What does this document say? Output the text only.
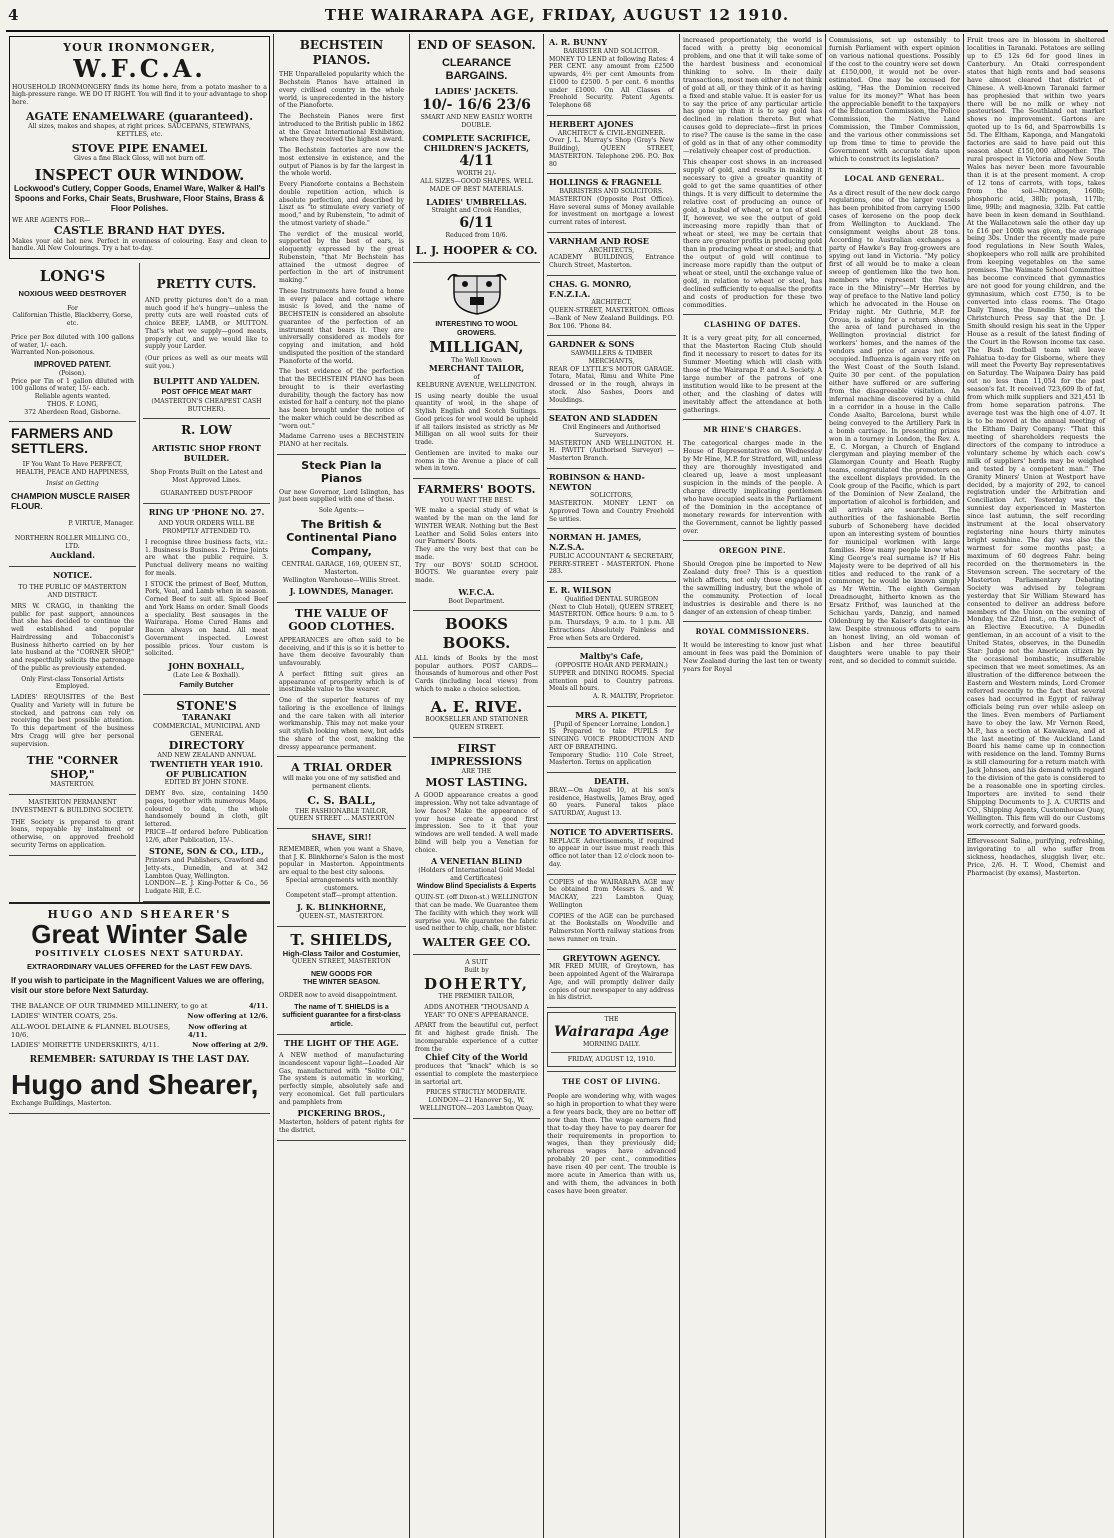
4	THE WAIRARAPA AGE, FRIDAY, AUGUST 12 1910.
YOUR IRONMONGER,
W.F.C.A.
HOUSEHOLD IRONMONGERY finds its home here, from a potato masher to a high-pressure range. WE DO IT RIGHT. You will find it to your advantage to shop here.
AGATE ENAMELWARE (guaranteed).
All sizes, makes and shapes, at right prices. SAUCEPANS, STEWPANS, KETTLES, etc.
STOVE PIPE ENAMEL
Gives a fine Black Gloss, will not burn off.
INSPECT OUR WINDOW.
Lockwood's Cutlery, Copper Goods, Enamel Ware, Walker & Hall's Spoons and Forks, Chair Seats, Brushware, Floor Stains, Brass & Floor Polishes.
WE ARE AGENTS FOR—
CASTLE BRAND HAT DYES.
Makes your old hat new. Perfect in evenness of colouring. Easy and clean to handle. All New Colourings. Try a hat to-day.
LONG'S
NOXIOUS WEED DESTROYER
For
Californian Thistle, Blackberry, Gorse, etc.
Price per Box diluted with 100 gallons of water, 1/- each.
Warranted Non-poisonous.
IMPROVED PATENT.
(Poison).
Price per Tin of 1 gallon diluted with 100 gallons of water, 15/- each.
Reliable agents wanted.
THOS. F. LONG,
372 Aberdeen Road, Gisborne.
FARMERS AND SETTLERS.
IF You Want To Have PERFECT, HEALTH, PEACE AND HAPPINESS,
Insist on Getting
CHAMPION MUSCLE RAISER FLOUR.
P. VIRTUE, Manager.
NORTHERN ROLLER MILLING CO., LTD.
Auckland.
NOTICE.
TO THE PUBLIC OF MASTERTON AND DISTRICT.
MRS W. CRAGG, in thanking the public for past support, announces that she has decided to continue the well established and popular Hairdressing and Tobacconist's Business hitherto carried on by her late husband at the "CORNER SHOP," and respectfully solicits the patronage of the public as previously extended.
Only First-class Tonsorial Artists Employed.
LADIES' REQUISITES of the Best Quality and Variety will in future be stocked, and patrons can rely on receiving the best possible attention. To this department of the business Mrs Cragg will give her personal supervision.
THE "CORNER SHOP,"
MASTERTON.
MASTERTON PERMANENT INVESTMENT & BUILDING SOCIETY.
THE Society is prepared to grant loans, repayable by instalment or otherwise, on approved freehold security Terms on application.
PRETTY CUTS.
AND pretty pictures don't do a man much good if he's hungry—unless the pretty cuts are well roasted cuts of choice BEEF, LAMB, or MUTTON. That's what we supply—good meats, properly cut, and we would like to supply your Larder.
(Our prices as well as our meats will suit you.)
BULPITT AND YALDEN.
POST OFFICE MEAT MART
(MASTERTON'S CHEAPEST CASH BUTCHER).
R. LOW
ARTISTIC SHOP FRONT BUILDER.
Shop Fronts Built on the Latest and Most Approved Lines.
GUARANTEED DUST-PROOF
RING UP 'PHONE NO. 27.
AND YOUR ORDERS WILL BE PROMPTLY ATTENDED TO.
I recognise three business facts, viz.: 1. Business is Business. 2. Prime Joints are what the public require. 3. Punctual delivery means no waiting for meals.
I STOCK the primest of Beef, Mutton, Pork, Veal, and Lamb when in season. Corned Beef to suit all. Spiced Beef and York Hams on order. Small Goods a speciality. Best sausages in the Wairarapa. Home Cured Hams and Bacon always on hand. All meat Government inspected. Lowest possible prices. Your custom is solicited.
JOHN BOXHALL,
(Late Lee & Boxhall).
Family Butcher
STONE'S
TARANAKI
COMMERCIAL, MUNICIPAL AND GENERAL
DIRECTORY
AND NEW ZEALAND ANNUAL
TWENTIETH YEAR 1910. OF PUBLICATION
EDITED BY JOHN STONE.
DEMY 8vo. size, containing 1450 pages, together with numerous Maps, coloured to date, the whole handsomely bound in cloth, gilt lettered.
PRICE—If ordered before Publication 12/6, after Publication, 15/-.
STONE, SON & CO., LTD.,
Printers and Publishers, Crawford and Jetty-sts., Dunedin, and at 342 Lambton Quay, Wellington.
LONDON—E. J. King-Potter & Co., 56 Ludgate Hill, E.C.
HUGO AND SHEARER'S
Great Winter Sale
POSITIVELY CLOSES NEXT SATURDAY.
EXTRAORDINARY VALUES OFFERED for the LAST FEW DAYS.
If you wish to participate in the Magnificent Values we are offering, visit our store before Next Saturday.
THE BALANCE OF OUR TRIMMED MILLINERY, to go at	4/11.
LADIES' WINTER COATS, 25s.	Now offering at 12/6.
ALL-WOOL DELAINE & FLANNEL BLOUSES, 10/6.
Now offering at 4/11.
LADIES' MOIRETTE UNDERSKIRTS, 4/11.	Now offering at 2/9.
REMEMBER: SATURDAY IS THE LAST DAY.
Hugo and Shearer,
Exchange Buildings, Masterton.
BECHSTEIN PIANOS.
THE Unparalleled popularity which the Bechstein Pianos have attained in every civilised country in the whole world, is unprecedented in the history of the Pianoforte.
The Bechstein Pianos were first introduced to the British public in 1862 at the Great International Exhibition, where they received the highest award.
The Bechstein factories are now the most extensive in existence, and the output of Pianos is by far the largest in the whole world.
Every Pianoforte contains a Bechstein double repetition action, which is absolute perfection, and described by Liszt as "to stimulate every variety of mood," and by Rubenstein, "to admit of the utmost variety of shade."
The verdict of the musical world, supported by the best of ears, is eloquently expressed by the great Rubenstein, "that Mr Bechstein has attained the utmost degree of perfection in the art of instrument making."
These Instruments have found a home in every palace and cottage where music is loved, and the name of BECHSTEIN is considered an absolute guarantee of the perfection of an instrument that bears it. They are universally considered as models for copying and imitation, and hold undisputed the position of the standard Pianoforte of the world.
The best evidence of the perfection that the BECHSTEIN PIANO has been brought to is their everlasting durability, though the factory has now existed for half a century, not the piano has been brought under the notice of the maker which could be described as "worn out."
Madame Carreno uses a BECHSTEIN PIANO at her recitals.
Steck Pian la Pianos
Our new Governor, Lord Islington, has just been supplied with one of these.
Sole Agents:—
The British & Continental Piano Company,
CENTRAL GARAGE, 169, QUEEN ST., Masterton.
Wellington Warehouse—Willis Street.
J. LOWNDES, Manager.
THE VALUE OF GOOD CLOTHES.
APPEARANCES are often said to be deceiving, and if this is so it is better to have them deceive favourably than unfavourably.
A perfect fitting suit gives an appearance of prosperity which is of inestimable value to the wearer.
One of the superior features of my tailoring is the excellence of linings and the care taken with all interior workmanship. This may not make your suit stylish looking when new, but adds the share of the cost, making the dressy appearance permanent.
A TRIAL ORDER
will make you one of my satisfied and permanent clients.
C. S. BALL,
THE FASHIONABLE TAILOR,
QUEEN STREET ... MASTERTON
SHAVE, SIR!!
REMEMBER, when you want a Shave, that J. K. Blinkhorne's Salon is the most popular in Masterton. Appointments are equal to the best city saloons.
Special arrangements with monthly customers.
Competent staff—prompt attention.
J. K. BLINKHORNE,
QUEEN-ST., MASTERTON.
T. SHIELDS,
High-Class Tailor and Costumier,
QUEEN STREET, MASTERTON
NEW GOODS FOR
THE WINTER SEASON.
ORDER now to avoid disappointment.
The name of T. SHIELDS is a sufficient guarantee for a first-class article.
THE LIGHT OF THE AGE.
A NEW method of manufacturing incandescent vapour light—Loaded Air Gas, manufactured with "Solite Oil." The system is automatic in working, perfectly simple, absolutely safe and very economical. Get full particulars and pamphlets from
PICKERING BROS.,
Masterton, holders of patent rights for the district.
END OF SEASON.
CLEARANCE BARGAINS.
LADIES' JACKETS.
10/- 16/6 23/6
SMART AND NEW EASILY WORTH DOUBLE.
COMPLETE SACRIFICE, CHILDREN'S JACKETS,
4/11
WORTH 21/-
ALL SIZES—GOOD SHAPES. WELL MADE OF BEST MATERIALS.
LADIES' UMBRELLAS.
Straight and Crook Handles,
6/11
Reduced from 10/6.
L. J. HOOPER & CO.
INTERESTING TO WOOL GROWERS.
MILLIGAN,
The Well Known
MERCHANT TAILOR,
of
KELBURNE AVENUE, WELLINGTON.
IS using nearly double the usual quantity of wool, in the shape of Stylish English and Scotch Suitings. Good prices for wool would be upheld if all tailors insisted as strictly as Mr Milligan on all wool suits for their trade.
Gentlemen are invited to make our rooms in the Avenue a place of call when in town.
FARMERS' BOOTS.
YOU WANT THE BEST.
WE make a special study of what is wanted by the man on the land for WINTER WEAR. Nothing but the Best Leather and Solid Soles enters into our Farmers' Boots.
They are the very best that can be made.
Try our BOYS' SOLID SCHOOL BOOTS. We guarantee every pair made.
W.F.C.A.
Boot Department.
BOOKS BOOKS.
ALL kinds of Books by the most popular authors. POST CARDS—thousands of humorous and other Post Cards (including local views) from which to make a choice selection.
A. E. RIVE.
BOOKSELLER AND STATIONER QUEEN STREET.
FIRST IMPRESSIONS
ARE THE
MOST LASTING.
A GOOD appearance creates a good impression. Why not take advantage of low faces? Make the appearance of your house create a good first impression. See to it that your windows are well tended. A well made blind will help you a Venetian for choice.
A VENETIAN BLIND
(Holders of International Gold Medal and Certificates)
Window Blind Specialists & Experts
QUIN-ST. (off Dixon-st.) WELLINGTON
that can be made. We Guarantee them The facility with which they work will surprise you. We guarantee the fabric used neither to chip, chalk, nor blister.
WALTER GEE CO.
A SUIT
Built by
DOHERTY,
THE PREMIER TAILOR,
ADDS ANOTHER "THOUSAND A YEAR" TO ONE'S APPEARANCE.
APART from the beautiful cut, perfect fit and highest grade finish. The incomparable experience of a cutter from the
Chief City of the World
produces that "knack" which is so essential to complete the masterpiece in sartorial art.
PRICES STRICTLY MODERATE.
LONDON—21 Hanover Sq., W. WELLINGTON—203 Lambton Quay.
A. R. BUNNY
BARRISTER AND SOLICITOR.
MONEY TO LEND at following Rates: 4 PER CENT. any amount from £2500 upwards, 4½ per cent Amounts from £1000 to £2500. 5 per cent. 6 months under £1000. On All Classes of Freehold Security. Patent Agents. Telephone 68
HERBERT AJONES
ARCHITECT & CIVIL-ENGINEER.
Over J. L. Murray's Shop (Gray's New Building), QUEEN STREET, MASTERTON. Telephone 296. P.O. Box 80
HOLLINGS & FRAGNELL
BARRISTERS AND SOLICITORS.
MASTERTON (Opposite Post Office). Have several sums of Money available for investment on mortgage a lowest current rates of interest.
VARNHAM AND ROSE
ARCHITECTS,
ACADEMY BUILDINGS, Entrance Church Street, Masterton.
CHAS. G. MONRO, F.N.Z.I.A.
ARCHITECT,
QUEEN-STREET, MASTERTON. Offices—Bank of New Zealand Buildings. P.O. Box 106. 'Phone 84.
GARDNER & SONS
SAWMILLERS & TIMBER MERCHANTS,
REAR OF LYTTLE'S MOTOR GARAGE. Totara, Matai, Rimu and White Pine dressed or in the rough, always in stock. Also Sashes, Doors and Mouldings.
SEATON AND SLADDEN
Civil Engineers and Authorised Surveyors.
MASTERTON AND WELLINGTON. H. H. PAVITT (Authorised Surveyor) —Masterton Branch.
ROBINSON & HAND-NEWTON
SOLICITORS,
MASTERTON. MONEY LENT on Approved Town and Country Freehold Se urities.
NORMAN H. JAMES, N.Z.S.A.
PUBLIC ACCOUNTANT & SECRETARY,
PERRY-STREET - MASTERTON. Phone 283.
E. R. WILSON
Qualified DENTAL SURGEON
(Next to Club Hotel), QUEEN STREET, MASTERTON. Office hours: 9 a.m. to 5 p.m. Thursdays, 9 a.m. to 1 p.m. All Extractions Absolutely Painless and Free when Sets are Ordered.
Maltby's Cafe,
(OPPOSITE HOAR AND PERMAIN.)
SUPPER and DINING ROOMS. Special attention paid to Country patrons. Meals all hours.
A. R. MALTBY, Proprietor.
MRS A. PIKETT,
[Pupil of Spencer Lorraine, London.]
IS Prepared to take PUPILS for SINGING VOICE PRODUCTION AND ART OF BREATHING.
Temporary Studio: 110 Cole Street, Masterton. Terms on application
DEATH.
BRAY.—On August 10, at his son's residence, Hastwells, James Bray, aged 60 years. Funeral takes place SATURDAY, August 13.
NOTICE TO ADVERTISERS.
REPLACE Advertisements, if required to appear in our issue must reach this office not later than 12 o'clock noon to-day.
COPIES of the WAIRARAPA AGE may be obtained from Messrs S. and W. MACKAY, 221 Lambton Quay, Wellington
COPIES of the AGE can be purchased at the Bookstalls on Woodville and Palmerston North railway stations from news runner on train.
GREYTOWN AGENCY.
MR FRED MUIR, of Greytown, has been appointed Agent of the Wairarapa Age, and will promptly deliver daily copies of our newspaper to any address in his district.
THE
Wairarapa Age
MORNING DAILY.
FRIDAY, AUGUST 12, 1910.
THE COST OF LIVING.
People are wondering why, with wages so high in proportion to what they were a few years back, they are no better off now than then. The wage earners find that to-day they have to pay dearer for their requirements in proportion to wages, than they previously did; whereas wages have advanced probably 20 per cent., commodities have risen 40 per cent. The trouble is more acute in America than with us, and with them, the advances in both cases have been greater.
increased proportionately, the world is faced with a pretty big economical problem, and one that it will take some of the hardest business and economical thinking to solve. In their daily transactions, most men either do not think of gold at all, or they think of it as having a fixed and stable value. It is easier for us to say the price of any particular article has gone up than it is to say gold has declined in relation thereto. But what causes gold to depreciate—first in prices to rise? The cause is the same in the case of gold as in that of any other commodity—relatively cheaper cost of production.
This cheaper cost shows in an increased supply of gold, and results in making it necessary to give a greater quantity of gold to get the same quantities of other things. It is very difficult to determine the relative cost of producing an ounce of gold, a bushel of wheat, or a ton of steel. If, however, we see the output of gold increasing more rapidly than that of wheat or steel, we may be certain that there are greater profits in producing gold than in producing wheat or steel; and that the output of gold will continue to increase more rapidly than the output of wheat or steel, until the exchange value of gold, in relation to wheat or steel, has declined sufficiently to equalise the profits and costs of production for these two commodities.
CLASHING OF DATES.
It is a very great pity, for all concerned, that the Masterton Racing Club should find it necessary to resort to dates for its Summer Meeting which will clash with those of the Wairarapa P. and A. Society. A large number of the patrons of one institution would like to be present at the other, and the clashing of dates will inevitably affect the attendance at both gatherings.
MR HINE'S CHARGES.
The categorical charges made in the House of Representatives on Wednesday by Mr Hine, M.P. for Stratford, will, unless they are thoroughly investigated and cleared up, leave a most unpleasant suspicion in the minds of the people. A charge directly implicating gentlemen who have occupied seats in the Parliament of the Dominion in the acceptance of monetary rewards for intervention with the Government, cannot be lightly passed over.
OREGON PINE.
Should Oregon pine be imported to New Zealand duty free? This is a question which affects, not only those engaged in the sawmilling industry, but the whole of the community. Protection of local industries is desirable and there is no danger of an extension of cheap timber.
ROYAL COMMISSIONERS.
It would be interesting to know just what amount in fees was paid the Dominion of New Zealand during the last ten or twenty years for Royal
Commissions, set up ostensibly to furnish Parliament with expert opinion on various national questions. Possibly if the cost to the country were set down at £150,000, it would not be over-estimated. One may be excused for asking, "Has the Dominion received value for its money?" What has been the appreciable benefit to the taxpayers of the Education Commission, the Police Commission, the Native Land Commission, the Timber Commission, and the various other commissions set up from time to time to provide the Government with accurate data upon which to construct its legislation?
LOCAL AND GENERAL.
As a direct result of the new dock cargo regulations, one of the larger vessels has been prohibited from carrying 1500 cases of kerosene on the poop deck from Wellington to Auckland. The consignment weighs about 28 tons. According to Australian exchanges a party of Hawke's Bay frog-growers are spying out land in Victoria. "My policy first of all would be to make a clean sweep of gentlemen like the two hon. members who represent the Native race in the Ministry"—Mr Herries by way of preface to the Native land policy which he advocated in the House on Friday night. Mr Guthrie, M.P. for Oroua, is asking for a return showing the area of land purchased in the Wellington provincial district for workers' homes, and the names of the vendors and price of areas not yet occupied. Influenza is again very rife on the West Coast of the South Island. Quite 30 per cent. of the population either have suffered or are suffering from the disagreeable visitation. An infernal machine discovered by a child in a corridor in a house in the Calle Conde Asalto, Barcelona, burst while being conveyed to the Artillery Park in a bomb carriage. In presenting prizes won in a tourney in London, the Rev. A. E. C. Morgan, a Church of England clergyman and playing member of the Glamorgan County and Heath Rugby teams, congratulated the promoters on the excellent displays provided. In the Cook group of the Pacific, which is part of the Dominion of New Zealand, the importation of alcohol is forbidden, and all arrivals are searched. The authorities of the fashionable Berlin suburb of Schoneberg have decided upon an interesting system of bounties for municipal workmen with large families. How many people know what King George's real surname is? If His Majesty were to be deprived of all his titles and reduced to the rank of a commoner, he would be known simply as Mr Wettin. The eighth German Dreadnought, hitherto known as the Ersatz Frithof, was launched at the Schichau yards, Danzig, and named Oldenburg by the Kaiser's daughter-in-law. Despite strenuous efforts to earn an honest living, an old woman of Lisbon and her three beautiful daughters were unable to pay their rent, and so decided to commit suicide.
Fruit trees are in blossom in sheltered localities in Taranaki. Potatoes are selling up to £5 12s 6d for good lines in Canterbury. An Otaki correspondent states that high rents and bad seasons have almost cleared that district of Chinese. A well-known Taranaki farmer has prophesied that within two years there will be no milk or whey not pasteurised. The Southland oat market shows no improvement. Gartons are quoted up to 1s 6d, and Sparrowbills 1s 5d. The Eltham, Kaponga, and Mangatoki factories are said to have paid out this season about £150,000 altogether. The rural prospect in Victoria and New South Wales has never been more favourable than it is at the present moment. A crop of 12 tons of carrots, with tops, takes from the soil—Nitrogen, 160lb; phosphoric acid, 38lb; potash, 117lb; lime, 99lb; and magnesia, 32lb. Fat cattle have been in keen demand in Southland. At the Wallacetown sale the other day up to £16 per 100lb was given, the average being 30s. Under the recently made pure food regulations in New South Wales, shopkeepers who roll milk are prohibited from keeping vegetables on the same premises. The Waimate School Committee has become convinced that gymnastics are not good for young children, and the gymnasium, which cost £750, is to be converted into class rooms. The Otago Daily Times, the Dunedin Star, and the Christchurch Press say that the Dr. J. Smith should resign his seat in the Upper House as a result of the latest finding of the Court in the Rowson income tax case. The Bush football team will leave Pahiatua to-day for Gisborne, where they will meet the Poverty Bay representatives on Saturday. The Waipawa Dairy has paid out no less than 11,054 for the past season's fat. It received 723,609 lb of fat, from which milk suppliers and 321,451 lb from home separation patrons. The average test was the high one of 4.07. It is to be moved at the annual meeting of the Eltham Dairy Company: "That this meeting of shareholders requests the directors of the company to introduce a voluntary scheme by which each cow's milk of suppliers' herds may be weighed and tested by a competent man." The Granity Miners' Union at Westport have decided, by a majority of 292, to cancel registration under the Arbitration and Conciliation Act. Yesterday was the sunniest day experienced in Masterton since last autumn, the self recording instrument at the local observatory registering nine hours thirty minutes bright sunshine. The day was also the warmest for some months past; a maximum of 60 degrees Fahr. being recorded on the thermometers in the Stevenson screen. The secretary of the Masterton Parliamentary Debating Society was advised by telegram yesterday that Sir William Steward has consented to deliver an address before members of the Union on the evening of Monday, the 22nd inst., on the subject of an Elective Executive. A Dunedin gentleman, in an account of a visit to the United States, observes, in the Dunedin Star: Judge not the American citizen by the occasional bombastic, insufferable specimen that we meet sometimes. As an illustration of the difference between the Eastern and Western minds, Lord Cromer referred recently to the fact that several cases had occurred in Egypt of railway officials being run over while asleep on the lines. Even members of Parliament have to obey the law. Mr Vernon Reed, M.P., has a section at Kawakawa, and at the last meeting of the Auckland Land Board his name came up in connection with residence on the land. Tommy Burns is still clamouring for a return match with Jack Johnson, and his demand with regard to the division of the gate is considered to be a reasonable one in sporting circles. Importers are invited to send their Shipping Documents to J. A. CURTIS and CO., Shipping Agents, Customhouse Quay, Wellington. This firm will do our Customs work correctly, and forward goods.
Effervescent Saline, purifying, refreshing, invigorating to all who suffer from sickness, headaches, sluggish liver, etc. Price, 2/6. H. T. Wood, Chemist and Pharmacist (by exams), Masterton.
